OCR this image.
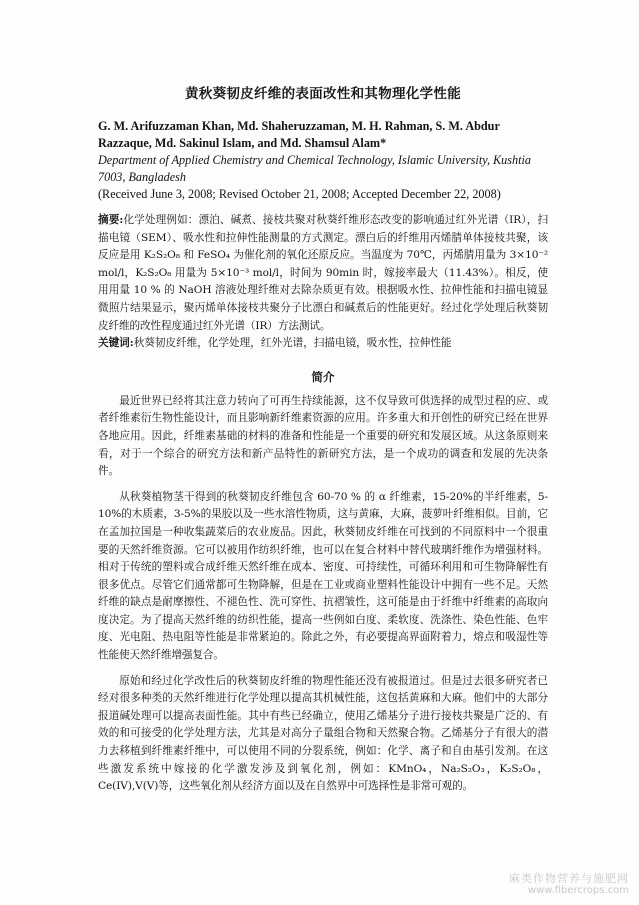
黄秋葵韧皮纤维的表面改性和其物理化学性能

G. M. Arifuzzaman Khan, Md. Shaheruzzaman, M. H. Rahman, S. M. Abdur Razzaque, Md. Sakinul Islam, and Md. Shamsul Alam*

Department of Applied Chemistry and Chemical Technology, Islamic University, Kushtia 7003, Bangladesh

(Received June 3, 2008; Revised October 21, 2008; Accepted December 22, 2008)

摘要:化学处理例如：漂泊、碱煮、接枝共聚对秋葵纤维形态改变的影响通过红外光谱（IR），扫描电镜（SEM）、吸水性和拉伸性能测量的方式测定。漂白后的纤维用丙烯腈单体接枝共聚，该反应是用 K₂S₂O₈ 和 FeSO₄ 为催化剂的氧化还原反应。当温度为 70℃，丙烯腈用量为 3×10⁻² mol/l，K₂S₂O₈ 用量为 5×10⁻³ mol/l，时间为 90min 时，嫁接率最大（11.43%）。相反，使用用量 10 % 的 NaOH 溶液处理纤维对去除杂质更有效。根据吸水性、拉伸性能和扫描电镜显微照片结果显示，聚丙烯单体接枝共聚分子比漂白和碱煮后的性能更好。经过化学处理后秋葵韧皮纤维的改性程度通过红外光谱（IR）方法测试。

关键词:秋葵韧皮纤维，化学处理，红外光谱，扫描电镜，吸水性，拉伸性能

简介

最近世界已经将其注意力转向了可再生持续能源，这不仅导致可供选择的成型过程的应、或者纤维素衍生物性能设计，而且影响新纤维素资源的应用。许多重大和开创性的研究已经在世界各地应用。因此，纤维素基础的材料的准备和性能是一个重要的研究和发展区域。从这条原则来看，对于一个综合的研究方法和新产品特性的新研究方法，是一个成功的调查和发展的先决条件。

从秋葵植物茎干得到的秋葵韧皮纤维包含 60-70 % 的 α 纤维素，15-20%的半纤维素，5-10%的木质素，3-5%的果胶以及一些水溶性物质，这与黄麻，大麻，菠萝叶纤维相似。目前，它在孟加拉国是一种收集蔬菜后的农业废品。因此，秋葵韧皮纤维在可找到的不同原料中一个很重要的天然纤维资源。它可以被用作纺织纤维，也可以在复合材料中替代玻璃纤维作为增强材料。相对于传统的塑料或合成纤维天然纤维在成本、密度、可持续性，可循环利用和可生物降解性有很多优点。尽管它们通常都可生物降解，但是在工业或商业塑料性能设计中拥有一些不足。天然纤维的缺点是耐摩擦性、不褪色性、洗可穿性、抗褶皱性，这可能是由于纤维中纤维素的高取向度决定。为了提高天然纤维的纺织性能，提高一些例如白度、柔软度、洗涤性、染色性能、色牢度、光电阻、热电阻等性能是非常紧迫的。除此之外，有必要提高界面附着力，熔点和吸湿性等性能使天然纤维增强复合。

原始和经过化学改性后的秋葵韧皮纤维的物理性能还没有被报道过。但是过去很多研究者已经对很多种类的天然纤维进行化学处理以提高其机械性能，这包括黄麻和大麻。他们中的大部分报道碱处理可以提高表面性能。其中有些已经确立，使用乙烯基分子进行接枝共聚是广泛的、有效的和可接受的化学处理方法，尤其是对高分子量组合物和天然聚合物。乙烯基分子有很大的潜力去移植到纤维素纤维中，可以使用不同的分裂系统，例如：化学、离子和自由基引发剂。在这些激发系统中嫁接的化学激发涉及到氧化剂，例如：KMnO₄，Na₂S₂O₃，K₂S₂O₈，Ce(IV),V(V)等，这些氧化剂从经济方面以及在自然界中可选择性是非常可观的。

麻类作物营养与施肥网
www.fibercrops.com
